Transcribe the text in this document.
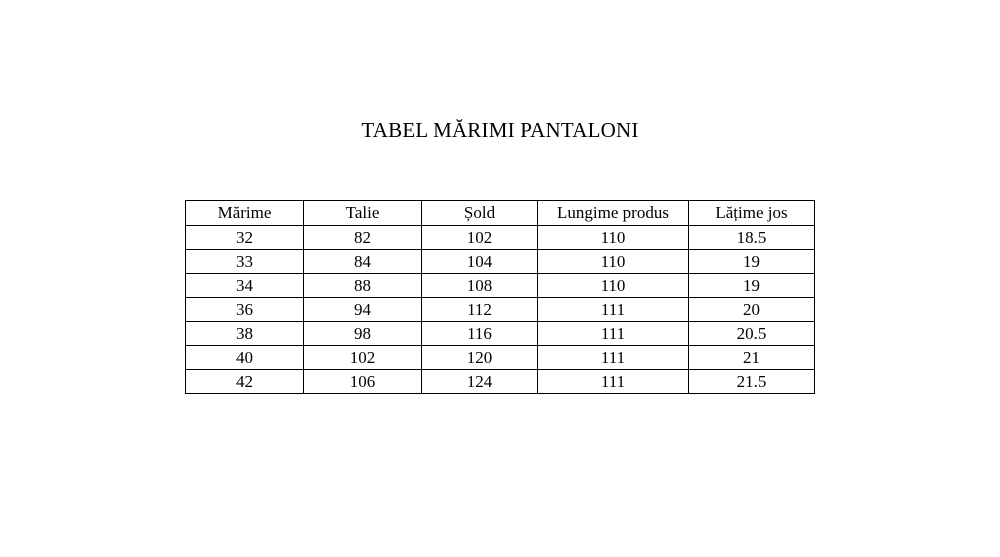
TABEL MĂRIMI PANTALONI
Mărime	Talie	Șold	Lungime produs	Lățime jos
32	82	102	110	18.5
33	84	104	110	19
34	88	108	110	19
36	94	112	111	20
38	98	116	111	20.5
40	102	120	111	21
42	106	124	111	21.5
